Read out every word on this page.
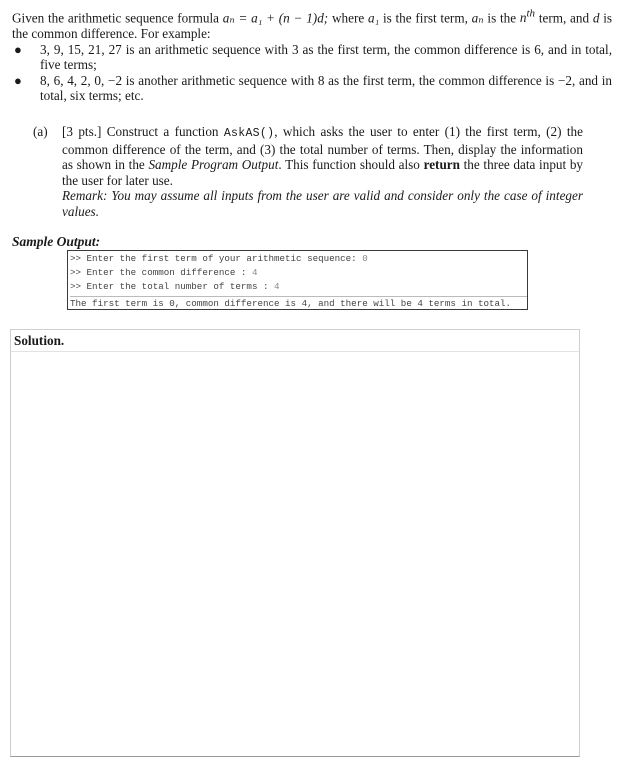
Given the arithmetic sequence formula aₙ = a₁ + (n − 1)d; where a₁ is the first term, aₙ is the $n^{th}$ term, and d is the common difference. For example:

● 3, 9, 15, 21, 27 is an arithmetic sequence with 3 as the first term, the common difference is 6, and in total, five terms;
● 8, 6, 4, 2, 0, −2 is another arithmetic sequence with 8 as the first term, the common difference is −2, and in total, six terms; etc.
(a) [3 pts.] Construct a function AskAS(), which asks the user to enter (1) the first term, (2) the common difference of the term, and (3) the total number of terms. Then, display the information as shown in the Sample Program Output. This function should also return the three data input by the user for later use.
Remark: You may assume all inputs from the user are valid and consider only the case of integer values.
Sample Output:
>> Enter the first term of your arithmetic sequence: 0
>> Enter the common difference : 4
>> Enter the total number of terms : 4
The first term is 0, common difference is 4, and there will be 4 terms in total.
Solution.
